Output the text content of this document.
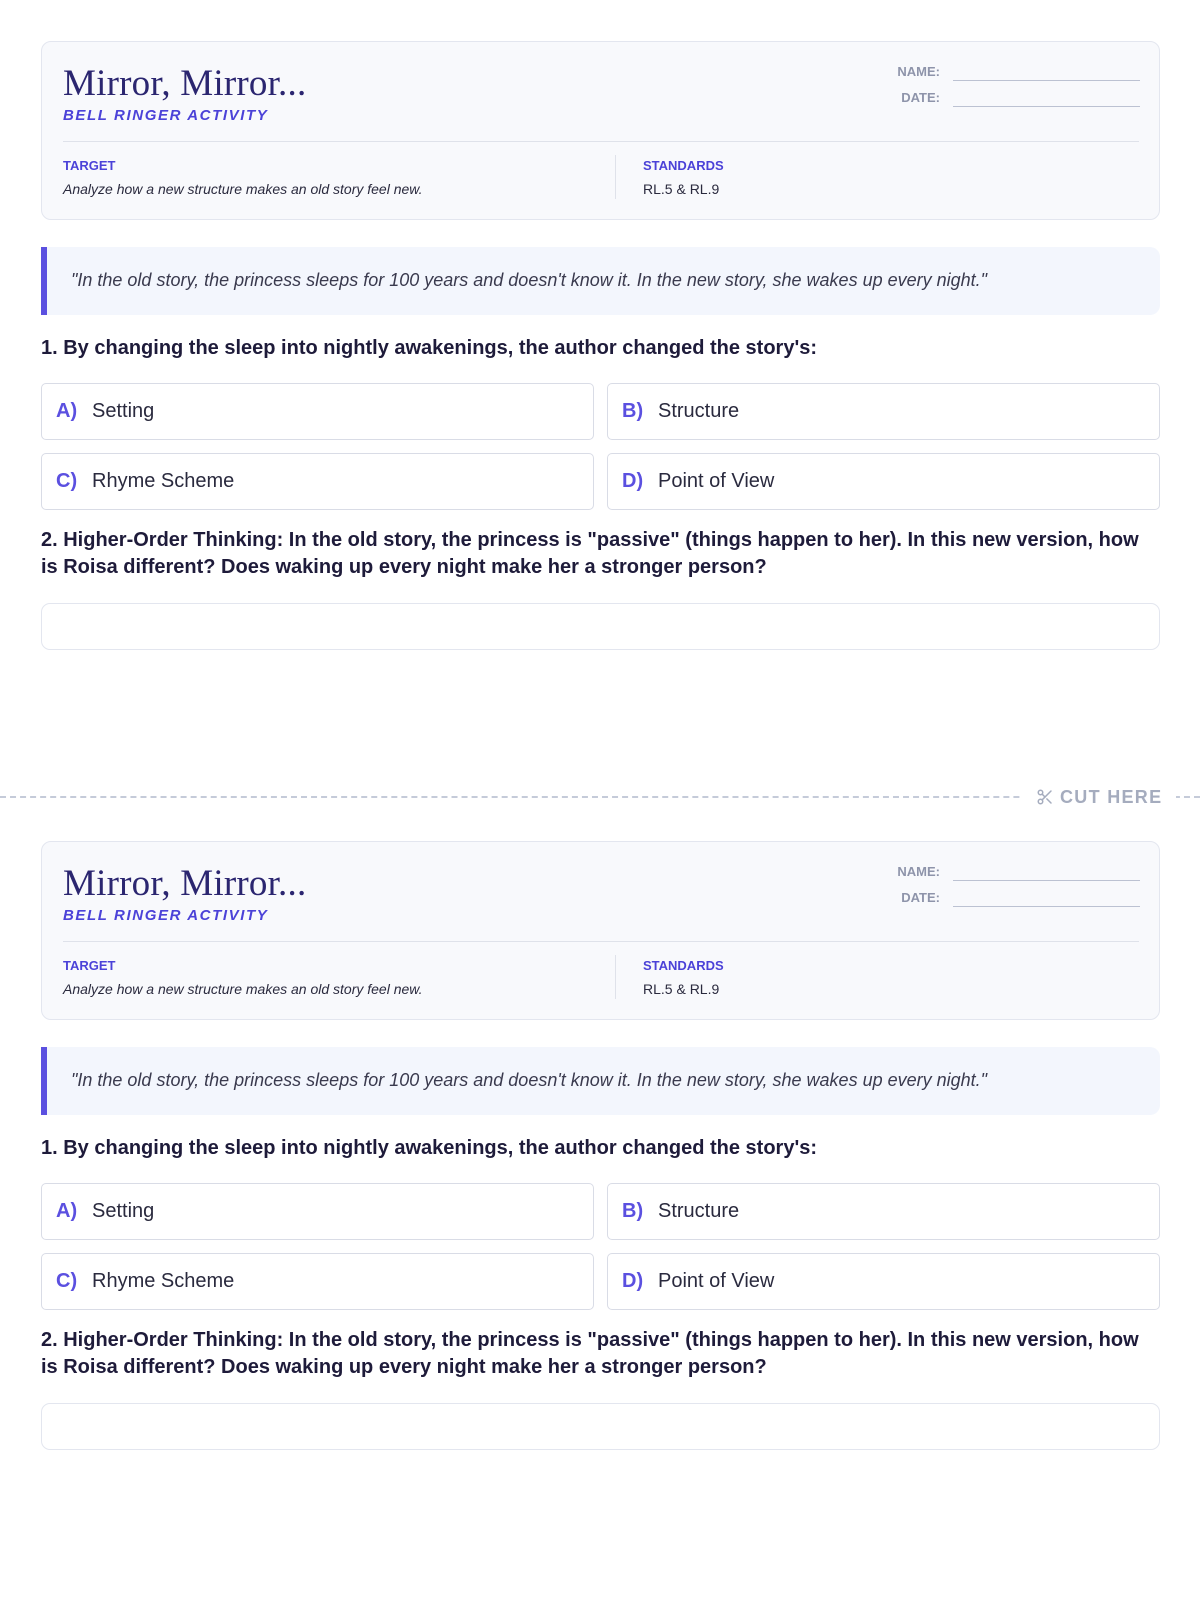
Mirror, Mirror...
BELL RINGER ACTIVITY
NAME:
DATE:
TARGET
Analyze how a new structure makes an old story feel new.
STANDARDS
RL.5 & RL.9
"In the old story, the princess sleeps for 100 years and doesn't know it. In the new story, she wakes up every night."

1. By changing the sleep into nightly awakenings, the author changed the story's:

A) Setting	B) Structure
C) Rhyme Scheme	D) Point of View

2. Higher-Order Thinking: In the old story, the princess is "passive" (things happen to her). In this new version, how is Roisa different? Does waking up every night make her a stronger person?

CUT HERE
Mirror, Mirror...
BELL RINGER ACTIVITY
NAME:
DATE:
TARGET
Analyze how a new structure makes an old story feel new.
STANDARDS
RL.5 & RL.9
"In the old story, the princess sleeps for 100 years and doesn't know it. In the new story, she wakes up every night."

1. By changing the sleep into nightly awakenings, the author changed the story's:

A) Setting	B) Structure
C) Rhyme Scheme	D) Point of View

2. Higher-Order Thinking: In the old story, the princess is "passive" (things happen to her). In this new version, how is Roisa different? Does waking up every night make her a stronger person?
